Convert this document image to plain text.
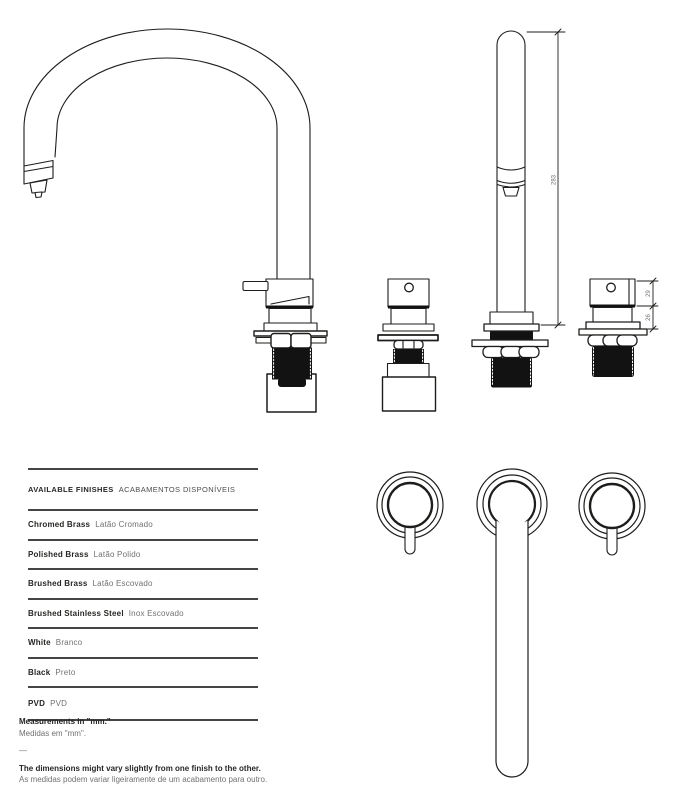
283
29
26
AVAILABLE FINISHES ACABAMENTOS DISPONÍVEIS
Chromed Brass Latão Cromado
Polished Brass Latão Polido
Brushed Brass Latão Escovado
Brushed Stainless Steel Inox Escovado
White Branco
Black Preto
PVD PVD
Measurements in "mm."
Medidas em "mm".
—
The dimensions might vary slightly from one finish to the other.
As medidas podem variar ligeiramente de um acabamento para outro.
